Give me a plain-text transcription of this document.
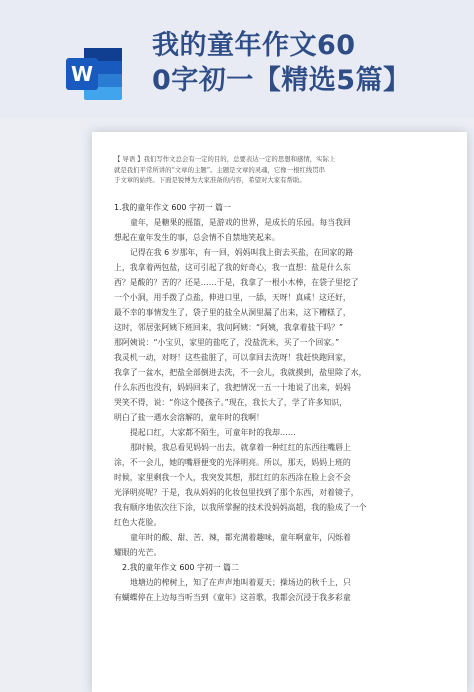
W
我的童年作文60
0字初一【精选5篇】
【 导语 】我们写作文总会有一定的目的，总要表达一定的思想和感情，实际上
就是我们平常所讲的“文章的主题”。主题是文章的灵魂，它像一根红线贯串
于文章的始终。下面是锐博为大家准备的内容，希望对大家有帮助。
1.我的童年作文 600 字初一 篇一
童年，是糖果的摇篮，是游戏的世界，是成长的乐园。每当我回
想起在童年发生的事，总会情不自禁地笑起来。
记得在我 6 岁那年，有一回，妈妈叫我上街去买盐，在回家的路
上，我拿着两包盐，这可引起了我的好奇心，我一直想：盐是什么东
西？是酸的？苦的？还是……于是，我拿了一根小木棒，在袋子里挖了
一个小洞，用手拨了点盐，伸进口里，一舔，天呀！真咸！这还好，
最不幸的事情发生了，袋子里的盐全从洞里漏了出来，这下糟糕了，
这时，邻居张阿姨下班回来，我问阿姨：“阿姨，我拿着盐干吗？”
那阿姨说：“小宝贝，家里的盐吃了，没盐洗米，买了一个回家。”
我灵机一动，对呀！这些盐脏了，可以拿回去洗呀！我赶快跑回家，
我拿了一盆水，把盐全部倒进去洗，不一会儿，我就摸到，盐里除了水，
什么东西也没有，妈妈回来了，我把情况一五一十地说了出来，妈妈
哭笑不得，说：“你这个傻孩子。”现在，我长大了，学了许多知识，
明白了盐一遇水会溶解的，童年时的我啊！
提起口红，大家都不陌生，可童年时的我却……
那时候，我总看见妈妈一出去，就拿着一种红红的东西往嘴唇上
涂，不一会儿，她的嘴唇便变的光泽明亮。所以，那天，妈妈上班的
时候，家里剩我一个人，我突发其想，那红红的东西涂在脸上会不会
光泽明亮呢？于是，我从妈妈的化妆包里找到了那个东西，对着镜子，
我有顺序地依次往下涂，以我所掌握的技术没妈妈高超，我的脸成了一个
红色大花脸。
童年时的酸、甜、苦、辣，都充满着趣味，童年啊童年，闪烁着
耀眼的光芒。
2.我的童年作文 600 字初一 篇二
地塘边的榨树上，知了在声声地叫着夏天；操场边的秋千上，只
有蝴蝶停在上边每当听当到《童年》这首歌，我都会沉浸于我多彩童
